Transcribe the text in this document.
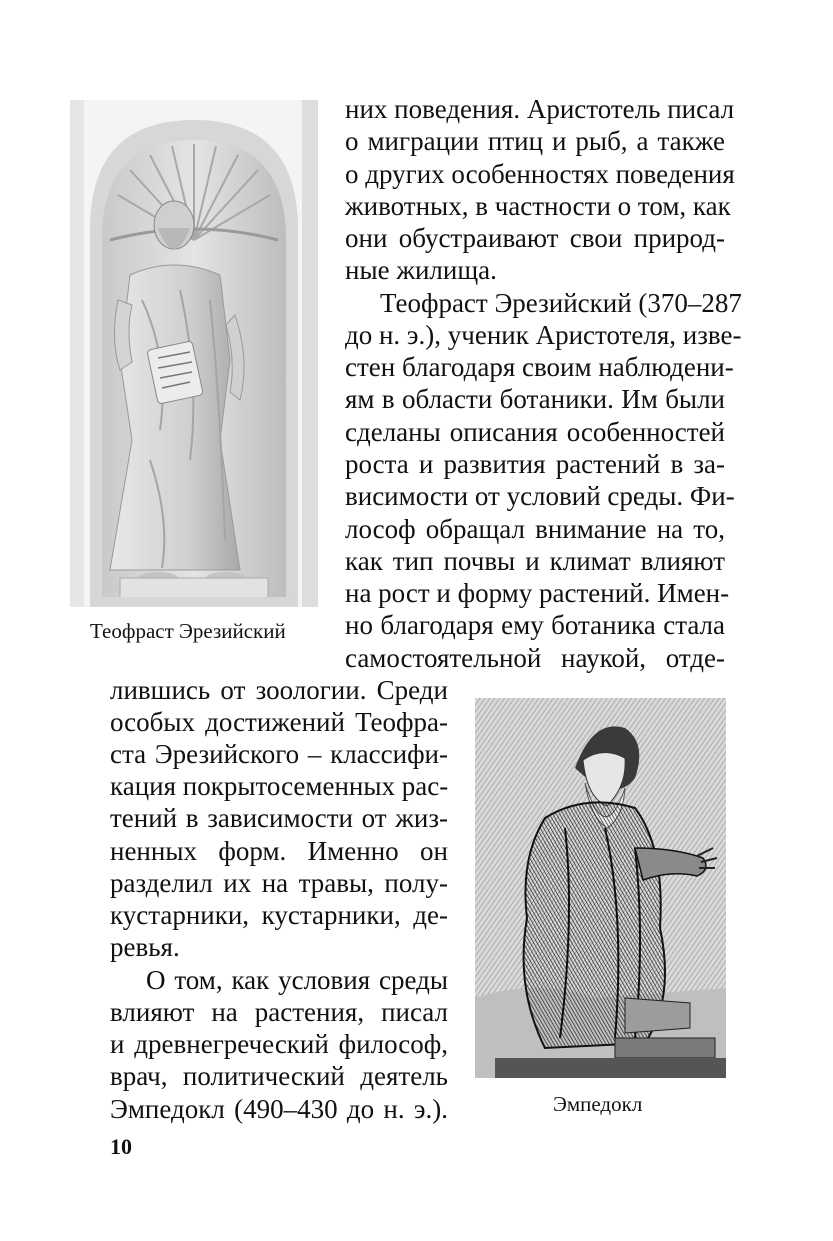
Теофраст Эрезийский
Эмпедокл
них поведения. Аристотель писал
о миграции птиц и рыб, а также
о других особенностях поведения
животных, в частности о том, как
они обустраивают свои природ-
ные жилища.
Теофраст Эрезийский (370–287
до н. э.), ученик Аристотеля, изве-
стен благодаря своим наблюдени-
ям в области ботаники. Им были
сделаны описания особенностей
роста и развития растений в за-
висимости от условий среды. Фи-
лософ обращал внимание на то,
как тип почвы и климат влияют
на рост и форму растений. Имен-
но благодаря ему ботаника стала
самостоятельной наукой, отде-
лившись от зоологии. Среди
особых достижений Теофра-
ста Эрезийского – классифи-
кация покрытосеменных рас-
тений в зависимости от жиз-
ненных форм. Именно он
разделил их на травы, полу-
кустарники, кустарники, де-
ревья.
О том, как условия среды
влияют на растения, писал
и древнегреческий философ,
врач, политический деятель
Эмпедокл (490–430 до н. э.).
10
